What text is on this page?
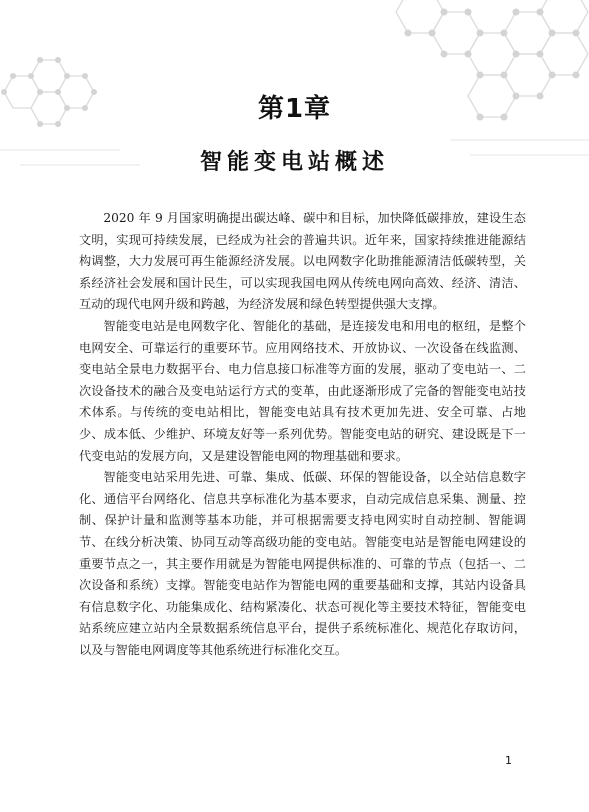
第1章
智能变电站概述

2020 年 9 月国家明确提出碳达峰、碳中和目标，加快降低碳排放，建设生态文明，实现可持续发展，已经成为社会的普遍共识。近年来，国家持续推进能源结构调整，大力发展可再生能源经济发展。以电网数字化助推能源清洁低碳转型，关系经济社会发展和国计民生，可以实现我国电网从传统电网向高效、经济、清洁、互动的现代电网升级和跨越，为经济发展和绿色转型提供强大支撑。

智能变电站是电网数字化、智能化的基础，是连接发电和用电的枢纽，是整个电网安全、可靠运行的重要环节。应用网络技术、开放协议、一次设备在线监测、变电站全景电力数据平台、电力信息接口标准等方面的发展，驱动了变电站一、二次设备技术的融合及变电站运行方式的变革，由此逐渐形成了完备的智能变电站技术体系。与传统的变电站相比，智能变电站具有技术更加先进、安全可靠、占地少、成本低、少维护、环境友好等一系列优势。智能变电站的研究、建设既是下一代变电站的发展方向，又是建设智能电网的物理基础和要求。

智能变电站采用先进、可靠、集成、低碳、环保的智能设备，以全站信息数字化、通信平台网络化、信息共享标准化为基本要求，自动完成信息采集、测量、控制、保护计量和监测等基本功能，并可根据需要支持电网实时自动控制、智能调节、在线分析决策、协同互动等高级功能的变电站。智能变电站是智能电网建设的重要节点之一，其主要作用就是为智能电网提供标准的、可靠的节点（包括一、二次设备和系统）支撑。智能变电站作为智能电网的重要基础和支撑，其站内设备具有信息数字化、功能集成化、结构紧凑化、状态可视化等主要技术特征，智能变电站系统应建立站内全景数据系统信息平台，提供子系统标准化、规范化存取访问，以及与智能电网调度等其他系统进行标准化交互。

1
